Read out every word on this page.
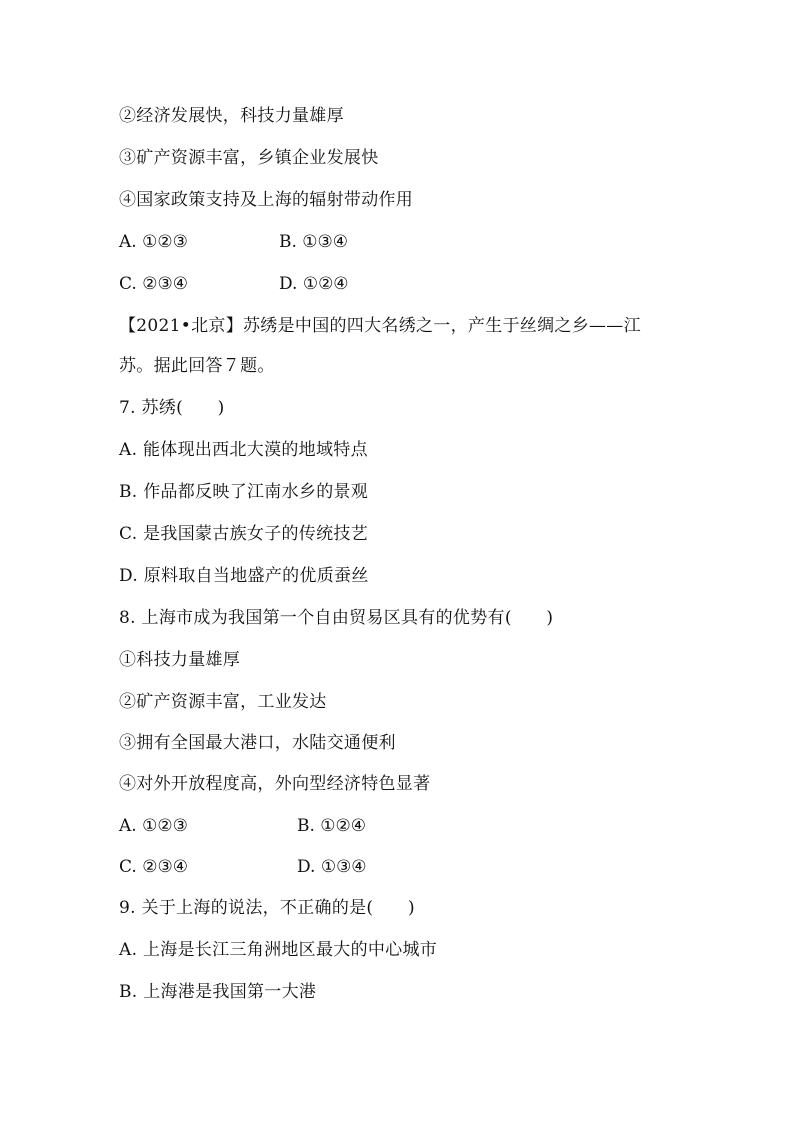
②经济发展快，科技力量雄厚
③矿产资源丰富，乡镇企业发展快
④国家政策支持及上海的辐射带动作用
A. ①②③	B. ①③④
C. ②③④	D. ①②④
【2021•北京】苏绣是中国的四大名绣之一，产生于丝绸之乡——江
苏。据此回答７题。
7. 苏绣(　　)
A. 能体现出西北大漠的地域特点
B. 作品都反映了江南水乡的景观
C. 是我国蒙古族女子的传统技艺
D. 原料取自当地盛产的优质蚕丝
8. 上海市成为我国第一个自由贸易区具有的优势有(　　)
①科技力量雄厚
②矿产资源丰富，工业发达
③拥有全国最大港口，水陆交通便利
④对外开放程度高，外向型经济特色显著
A. ①②③	B. ①②④
C. ②③④	D. ①③④
9. 关于上海的说法，不正确的是(　　)
A. 上海是长江三角洲地区最大的中心城市
B. 上海港是我国第一大港
